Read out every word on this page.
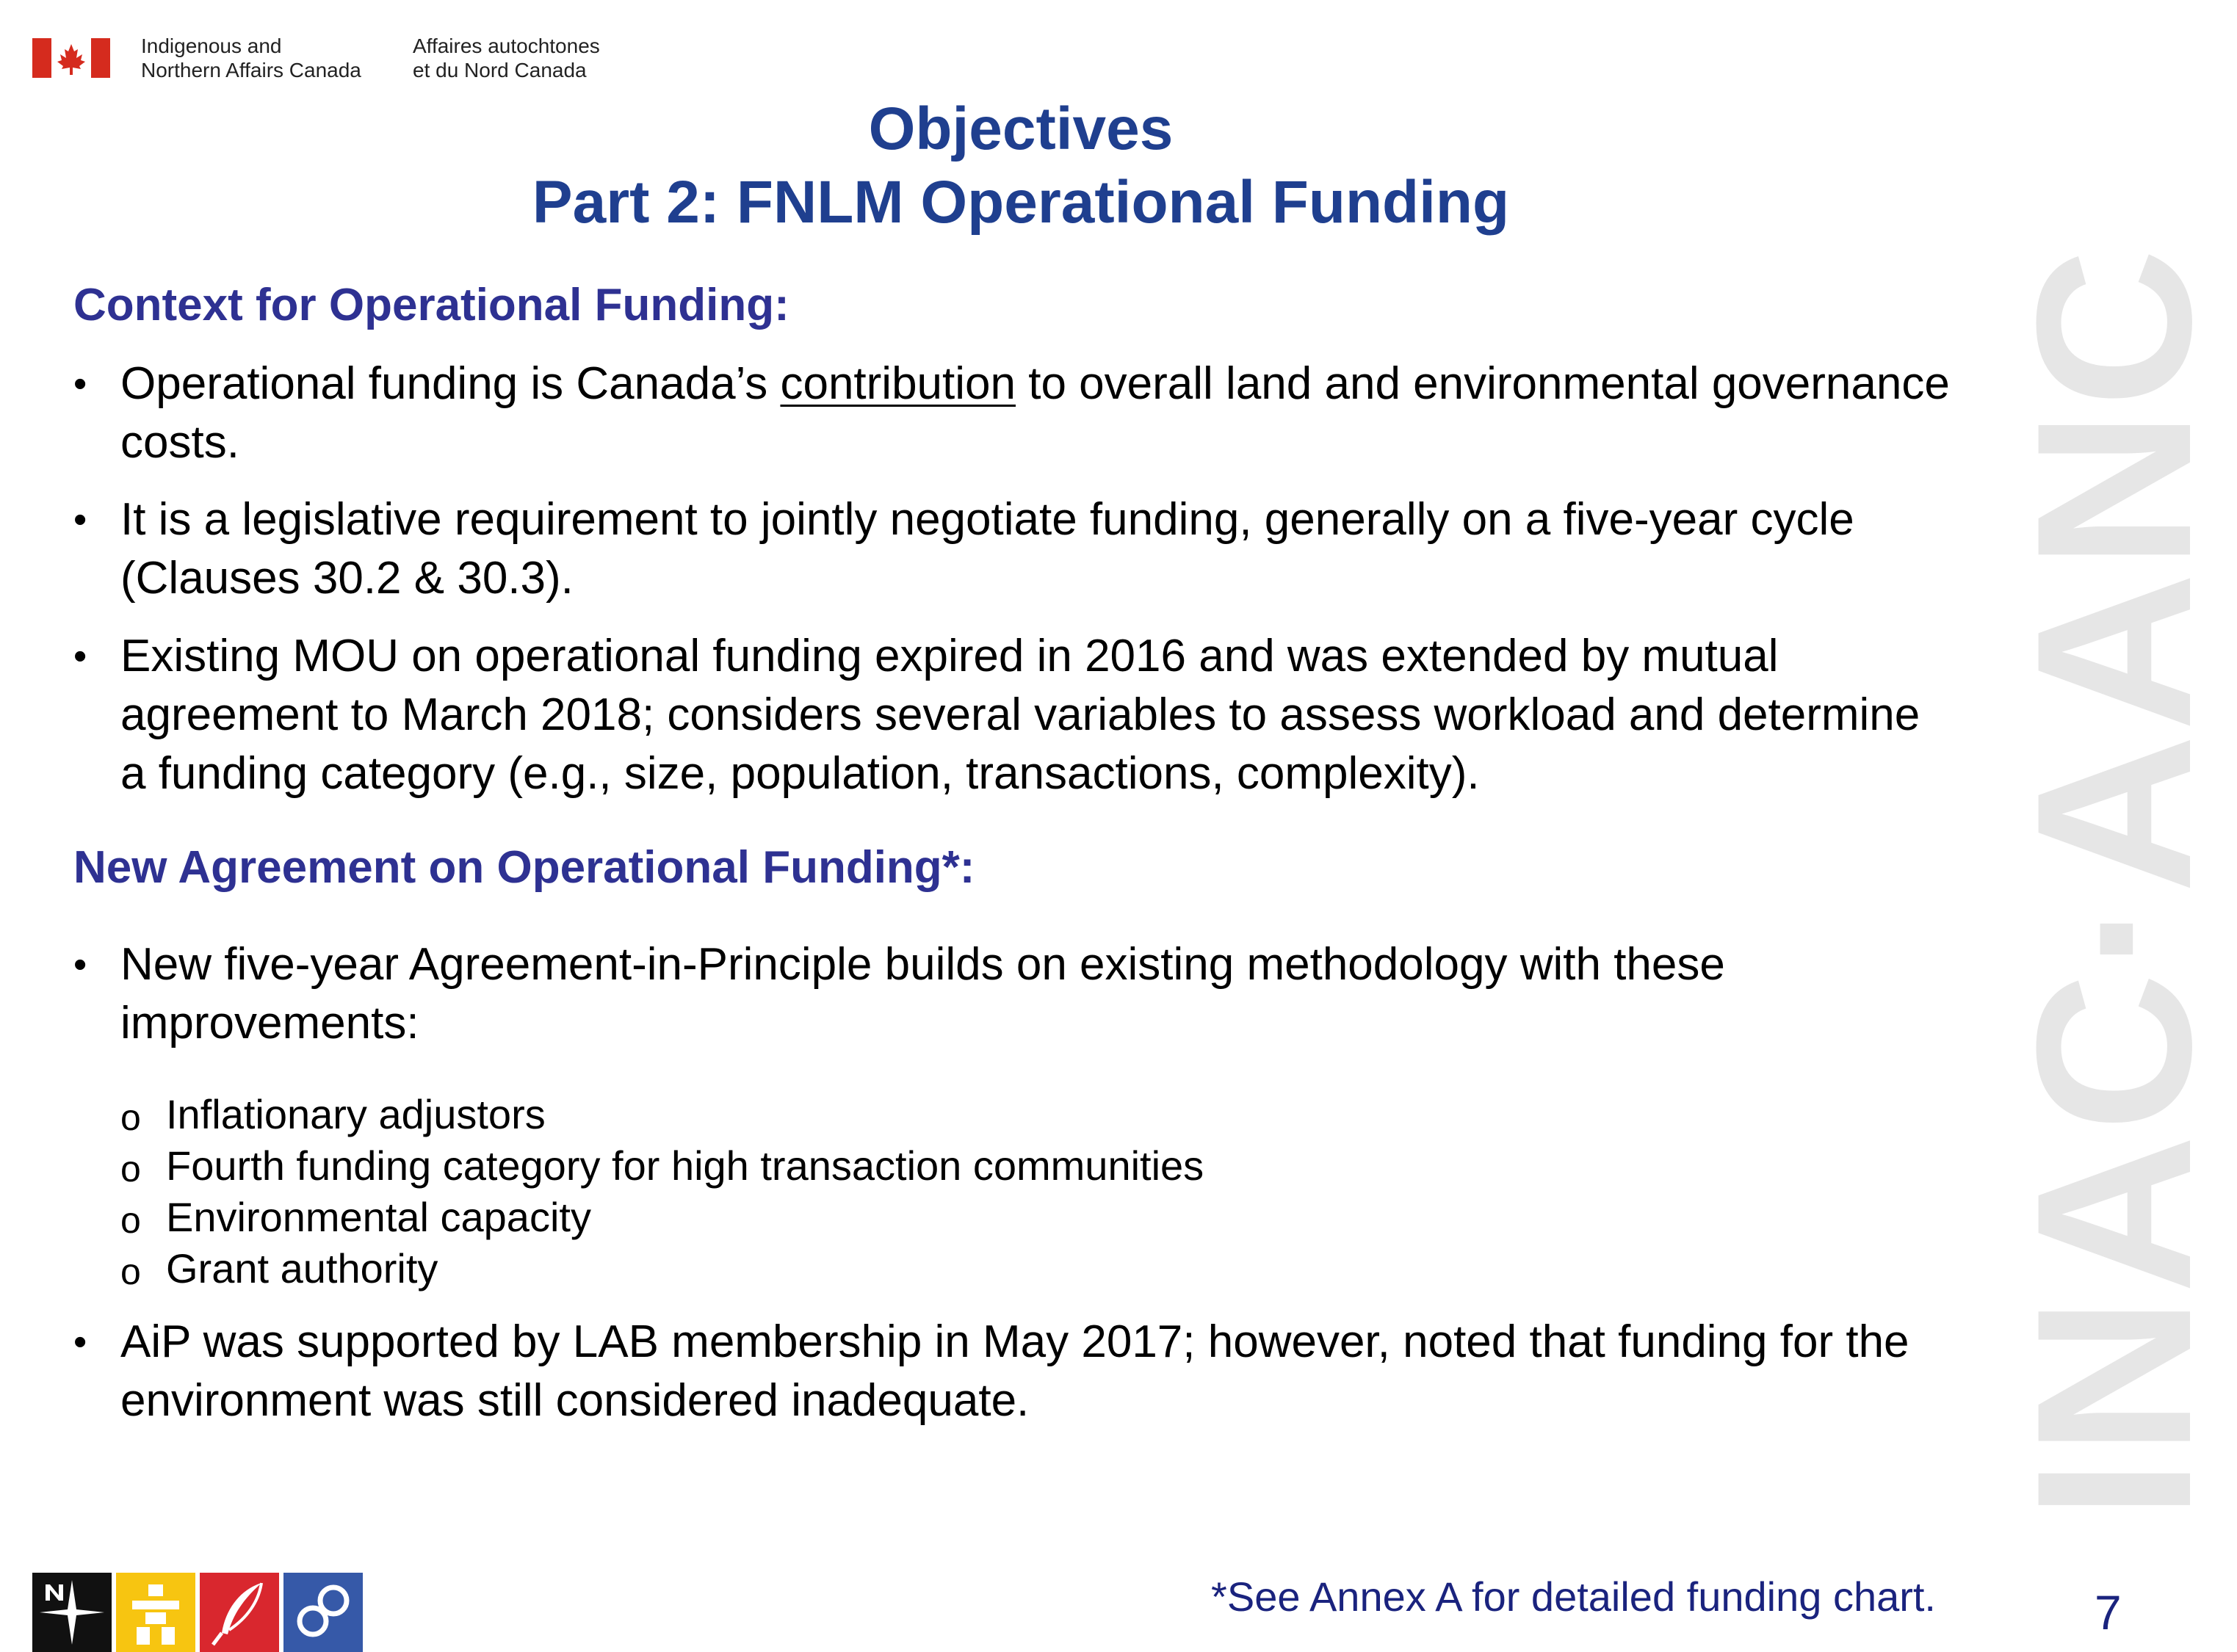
Indigenous and
Northern Affairs Canada
Affaires autochtones
et du Nord Canada
Objectives
Part 2: FNLM Operational Funding
Context for Operational Funding:
• Operational funding is Canada’s contribution to overall land and environmental governance costs.
• It is a legislative requirement to jointly negotiate funding, generally on a five-year cycle (Clauses 30.2 & 30.3).
• Existing MOU on operational funding expired in 2016 and was extended by mutual agreement to March 2018; considers several variables to assess workload and determine a funding category (e.g., size, population, transactions, complexity).
New Agreement on Operational Funding*:
• New five-year Agreement-in-Principle builds on existing methodology with these improvements:
o Inflationary adjustors
o Fourth funding category for high transaction communities
o Environmental capacity
o Grant authority
• AiP was supported by LAB membership in May 2017; however, noted that funding for the environment was still considered inadequate.	INAC·AANC
*See Annex A for detailed funding chart.	7
